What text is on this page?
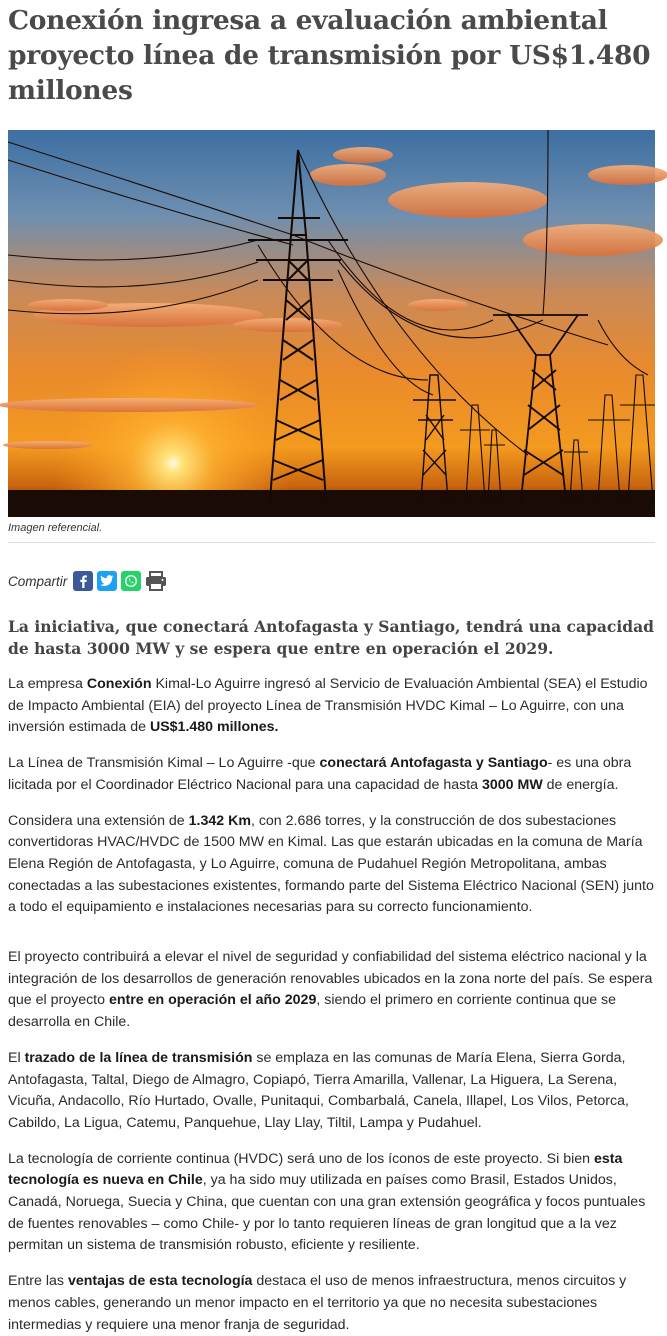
Conexión ingresa a evaluación ambiental proyecto línea de transmisión por US$1.480 millones
Imagen referencial.
Compartir

La iniciativa, que conectará Antofagasta y Santiago, tendrá una capacidad de hasta 3000 MW y se espera que entre en operación el 2029.

La empresa Conexión Kimal-Lo Aguirre ingresó al Servicio de Evaluación Ambiental (SEA) el Estudio de Impacto Ambiental (EIA) del proyecto Línea de Transmisión HVDC Kimal – Lo Aguirre, con una inversión estimada de US$1.480 millones.

La Línea de Transmisión Kimal – Lo Aguirre -que conectará Antofagasta y Santiago- es una obra licitada por el Coordinador Eléctrico Nacional para una capacidad de hasta 3000 MW de energía.

Considera una extensión de 1.342 Km, con 2.686 torres, y la construcción de dos subestaciones convertidoras HVAC/HVDC de 1500 MW en Kimal. Las que estarán ubicadas en la comuna de María Elena Región de Antofagasta, y Lo Aguirre, comuna de Pudahuel Región Metropolitana, ambas conectadas a las subestaciones existentes, formando parte del Sistema Eléctrico Nacional (SEN) junto a todo el equipamiento e instalaciones necesarias para su correcto funcionamiento.

El proyecto contribuirá a elevar el nivel de seguridad y confiabilidad del sistema eléctrico nacional y la integración de los desarrollos de generación renovables ubicados en la zona norte del país. Se espera que el proyecto entre en operación el año 2029, siendo el primero en corriente continua que se desarrolla en Chile.

El trazado de la línea de transmisión se emplaza en las comunas de María Elena, Sierra Gorda, Antofagasta, Taltal, Diego de Almagro, Copiapó, Tierra Amarilla, Vallenar, La Higuera, La Serena, Vicuña, Andacollo, Río Hurtado, Ovalle, Punitaqui, Combarbalá, Canela, Illapel, Los Vilos, Petorca, Cabildo, La Ligua, Catemu, Panquehue, Llay Llay, Tiltil, Lampa y Pudahuel.

La tecnología de corriente continua (HVDC) será uno de los íconos de este proyecto. Si bien esta tecnología es nueva en Chile, ya ha sido muy utilizada en países como Brasil, Estados Unidos, Canadá, Noruega, Suecia y China, que cuentan con una gran extensión geográfica y focos puntuales de fuentes renovables – como Chile- y por lo tanto requieren líneas de gran longitud que a la vez permitan un sistema de transmisión robusto, eficiente y resiliente.

Entre las ventajas de esta tecnología destaca el uso de menos infraestructura, menos circuitos y menos cables, generando un menor impacto en el territorio ya que no necesita subestaciones intermedias y requiere una menor franja de seguridad.
